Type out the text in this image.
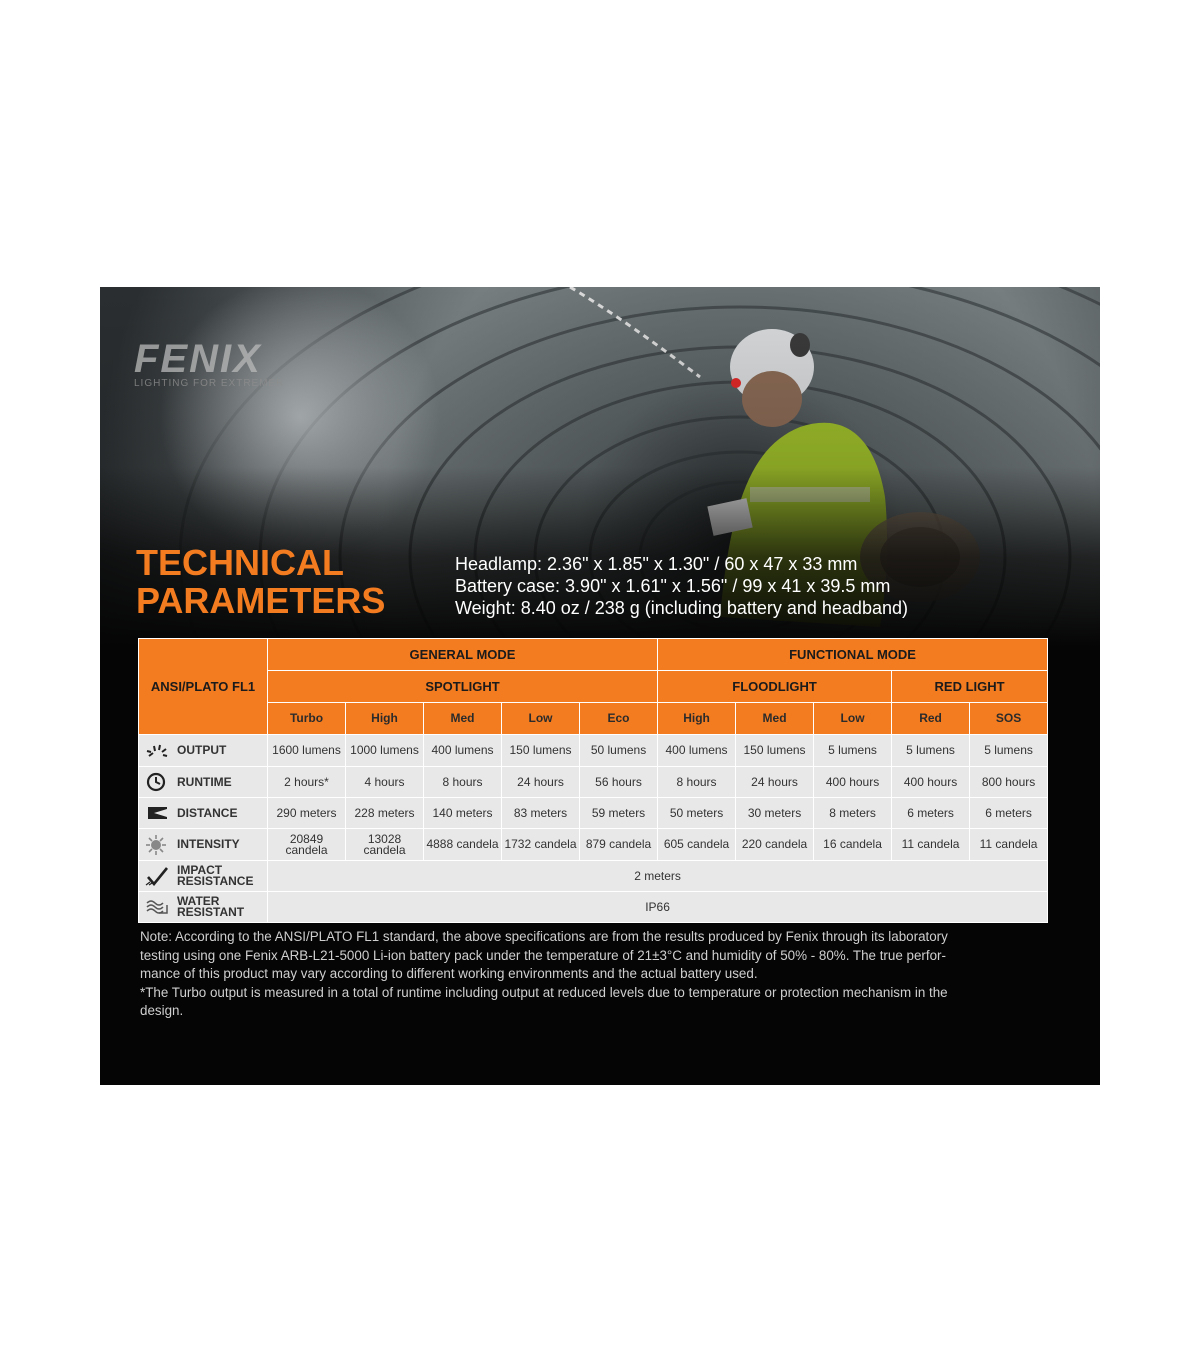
FENIX
LIGHTING FOR EXTREMER
TECHNICAL
PARAMETERS
Headlamp: 2.36" x 1.85" x 1.30" / 60 x 47 x 33 mm
Battery case: 3.90" x 1.61" x 1.56" / 99 x 41 x 39.5 mm
Weight: 8.40 oz / 238 g (including battery and headband)
ANSI/PLATO FL1	GENERAL MODE					FUNCTIONAL MODE				
	SPOTLIGHT					FLOODLIGHT			RED LIGHT	
	Turbo	High	Med	Low	Eco	High	Med	Low	Red	SOS

OUTPUT	1600 lumens	1000 lumens	400 lumens	150 lumens	50 lumens	400 lumens	150 lumens	5 lumens	5 lumens	5 lumens

RUNTIME	2 hours*	4 hours	8 hours	24 hours	56 hours	8 hours	24 hours	400 hours	400 hours	800 hours

DISTANCE	290 meters	228 meters	140 meters	83 meters	59 meters	50 meters	30 meters	8 meters	6 meters	6 meters

INTENSITY	20849 candela	13028 candela	4888 candela	1732 candela	879 candela	605 candela	220 candela	16 candela	11 candela	11 candela

IMPACT
RESISTANCE	2 meters									

WATER
RESISTANT	IP66									
Note: According to the ANSI/PLATO FL1 standard, the above specifications are from the results produced by Fenix through its laboratory
testing using one Fenix ARB-L21-5000 Li-ion battery pack under the temperature of 21±3°C and humidity of 50% - 80%. The true perfor-
mance of this product may vary according to different working environments and the actual battery used.
*The Turbo output is measured in a total of runtime including output at reduced levels due to temperature or protection mechanism in the
design.
